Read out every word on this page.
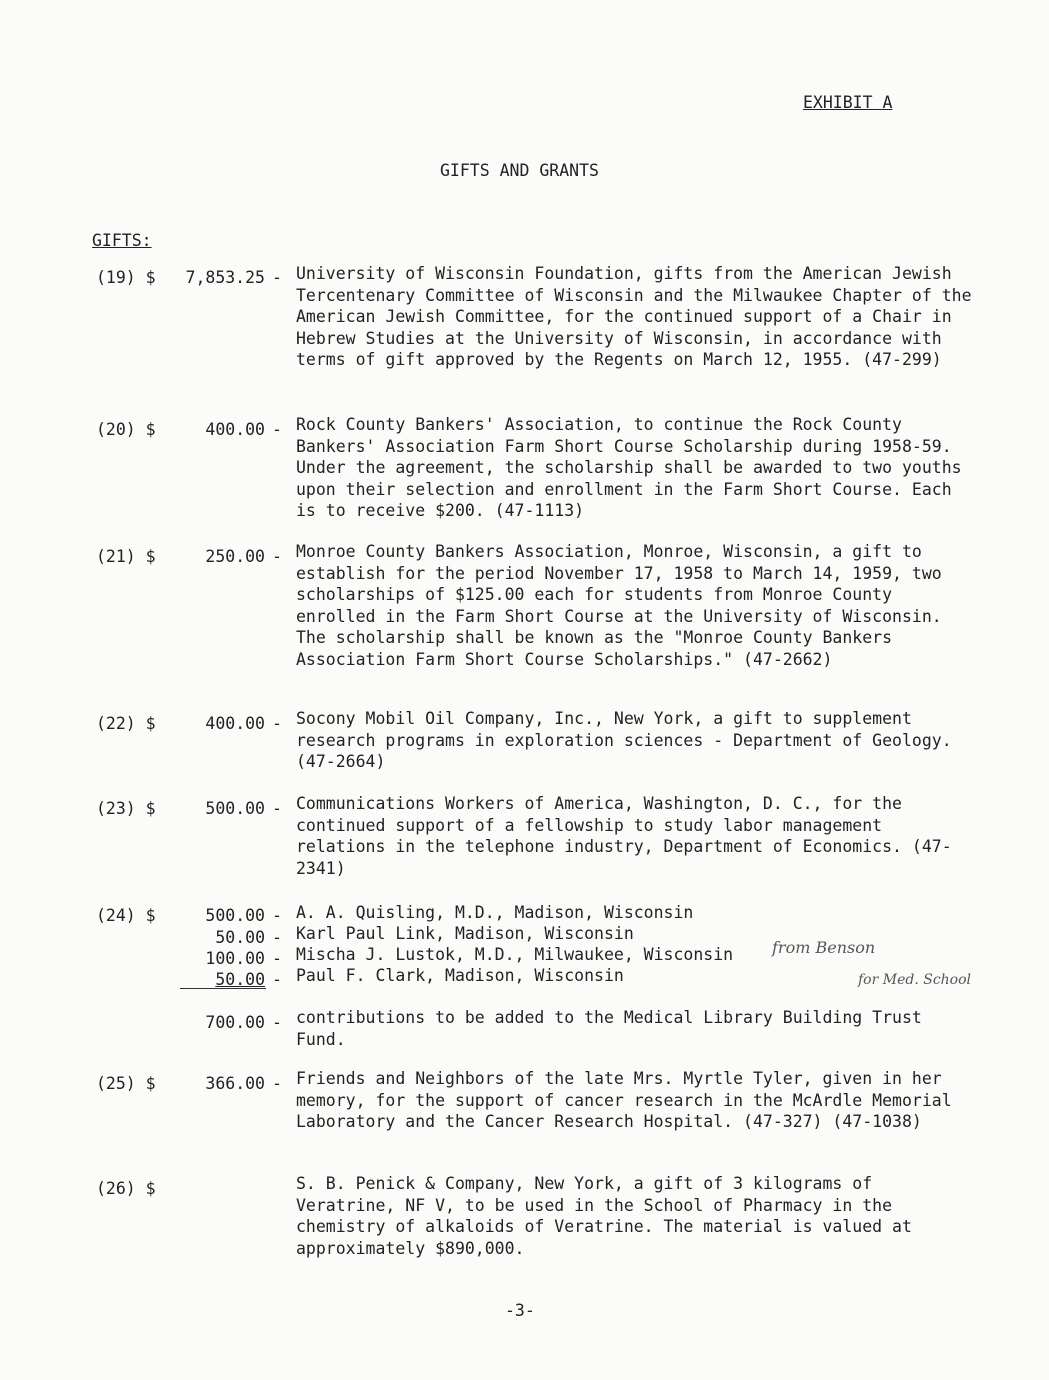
EXHIBIT A
GIFTS AND GRANTS
GIFTS:
(19) $	7,853.25 - University of Wisconsin Foundation, gifts from the American Jewish Tercentenary Committee of Wisconsin and the Milwaukee Chapter of the American Jewish Committee, for the continued support of a Chair in Hebrew Studies at the University of Wisconsin, in accordance with terms of gift approved by the Regents on March 12, 1955. (47-299)
(20) $	400.00 - Rock County Bankers' Association, to continue the Rock County Bankers' Association Farm Short Course Scholarship during 1958-59. Under the agreement, the scholarship shall be awarded to two youths upon their selection and enrollment in the Farm Short Course. Each is to receive $200. (47-1113)
(21) $	250.00 - Monroe County Bankers Association, Monroe, Wisconsin, a gift to establish for the period November 17, 1958 to March 14, 1959, two scholarships of $125.00 each for students from Monroe County enrolled in the Farm Short Course at the University of Wisconsin. The scholarship shall be known as the "Monroe County Bankers Association Farm Short Course Scholarships." (47-2662)
(22) $	400.00 - Socony Mobil Oil Company, Inc., New York, a gift to supplement research programs in exploration sciences - Department of Geology. (47-2664)
(23) $	500.00 - Communications Workers of America, Washington, D. C., for the continued support of a fellowship to study labor management relations in the telephone industry, Department of Economics. (47-2341)
(24) $	500.00 - A. A. Quisling, M.D., Madison, Wisconsin
50.00 - Karl Paul Link, Madison, Wisconsin
100.00 - Mischa J. Lustok, M.D., Milwaukee, Wisconsin
50.00 - Paul F. Clark, Madison, Wisconsin
700.00 - contributions to be added to the Medical Library Building Trust Fund.
(25) $	366.00 - Friends and Neighbors of the late Mrs. Myrtle Tyler, given in her memory, for the support of cancer research in the McArdle Memorial Laboratory and the Cancer Research Hospital. (47-327) (47-1038)
(26) $	S. B. Penick & Company, New York, a gift of 3 kilograms of Veratrine, NF V, to be used in the School of Pharmacy in the chemistry of alkaloids of Veratrine. The material is valued at approximately $890,000.
from Benson
for Med. School
-3-
